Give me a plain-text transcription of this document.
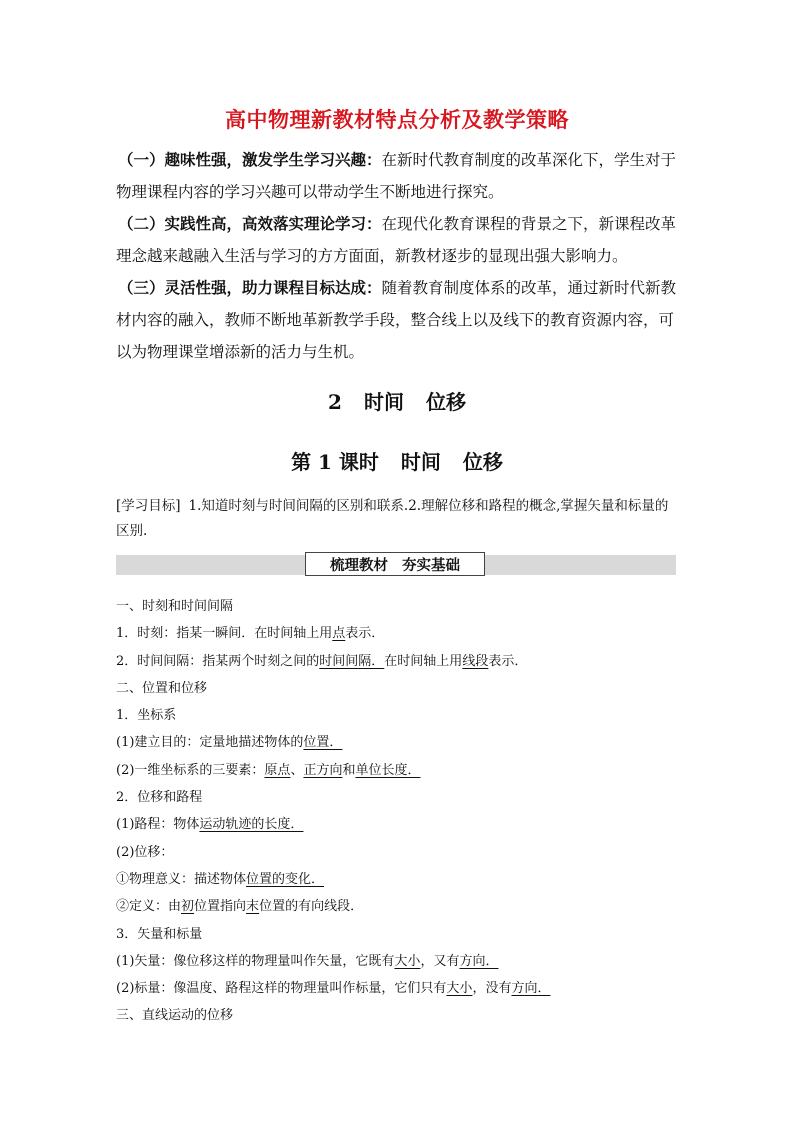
高中物理新教材特点分析及教学策略
（一）趣味性强，激发学生学习兴趣：在新时代教育制度的改革深化下，学生对于物理课程内容的学习兴趣可以带动学生不断地进行探究。
（二）实践性高，高效落实理论学习：在现代化教育课程的背景之下，新课程改革理念越来越融入生活与学习的方方面面，新教材逐步的显现出强大影响力。
（三）灵活性强，助力课程目标达成：随着教育制度体系的改革，通过新时代新教材内容的融入，教师不断地革新教学手段，整合线上以及线下的教育资源内容，可以为物理课堂增添新的活力与生机。
2 时间 位移
第 1 课时 时间 位移
[学习目标] 1.知道时刻与时间间隔的区别和联系.2.理解位移和路程的概念,掌握矢量和标量的区别.
梳理教材 夯实基础
一、时刻和时间间隔
1．时刻：指某一瞬间．在时间轴上用点表示．
2．时间间隔：指某两个时刻之间的时间间隔．在时间轴上用线段表示．
二、位置和位移
1．坐标系
(1)建立目的：定量地描述物体的位置．
(2)一维坐标系的三要素：原点、正方向和单位长度．
2．位移和路程
(1)路程：物体运动轨迹的长度．
(2)位移：
①物理意义：描述物体位置的变化．
②定义：由初位置指向末位置的有向线段．
3．矢量和标量
(1)矢量：像位移这样的物理量叫作矢量，它既有大小，又有方向．
(2)标量：像温度、路程这样的物理量叫作标量，它们只有大小，没有方向．
三、直线运动的位移
